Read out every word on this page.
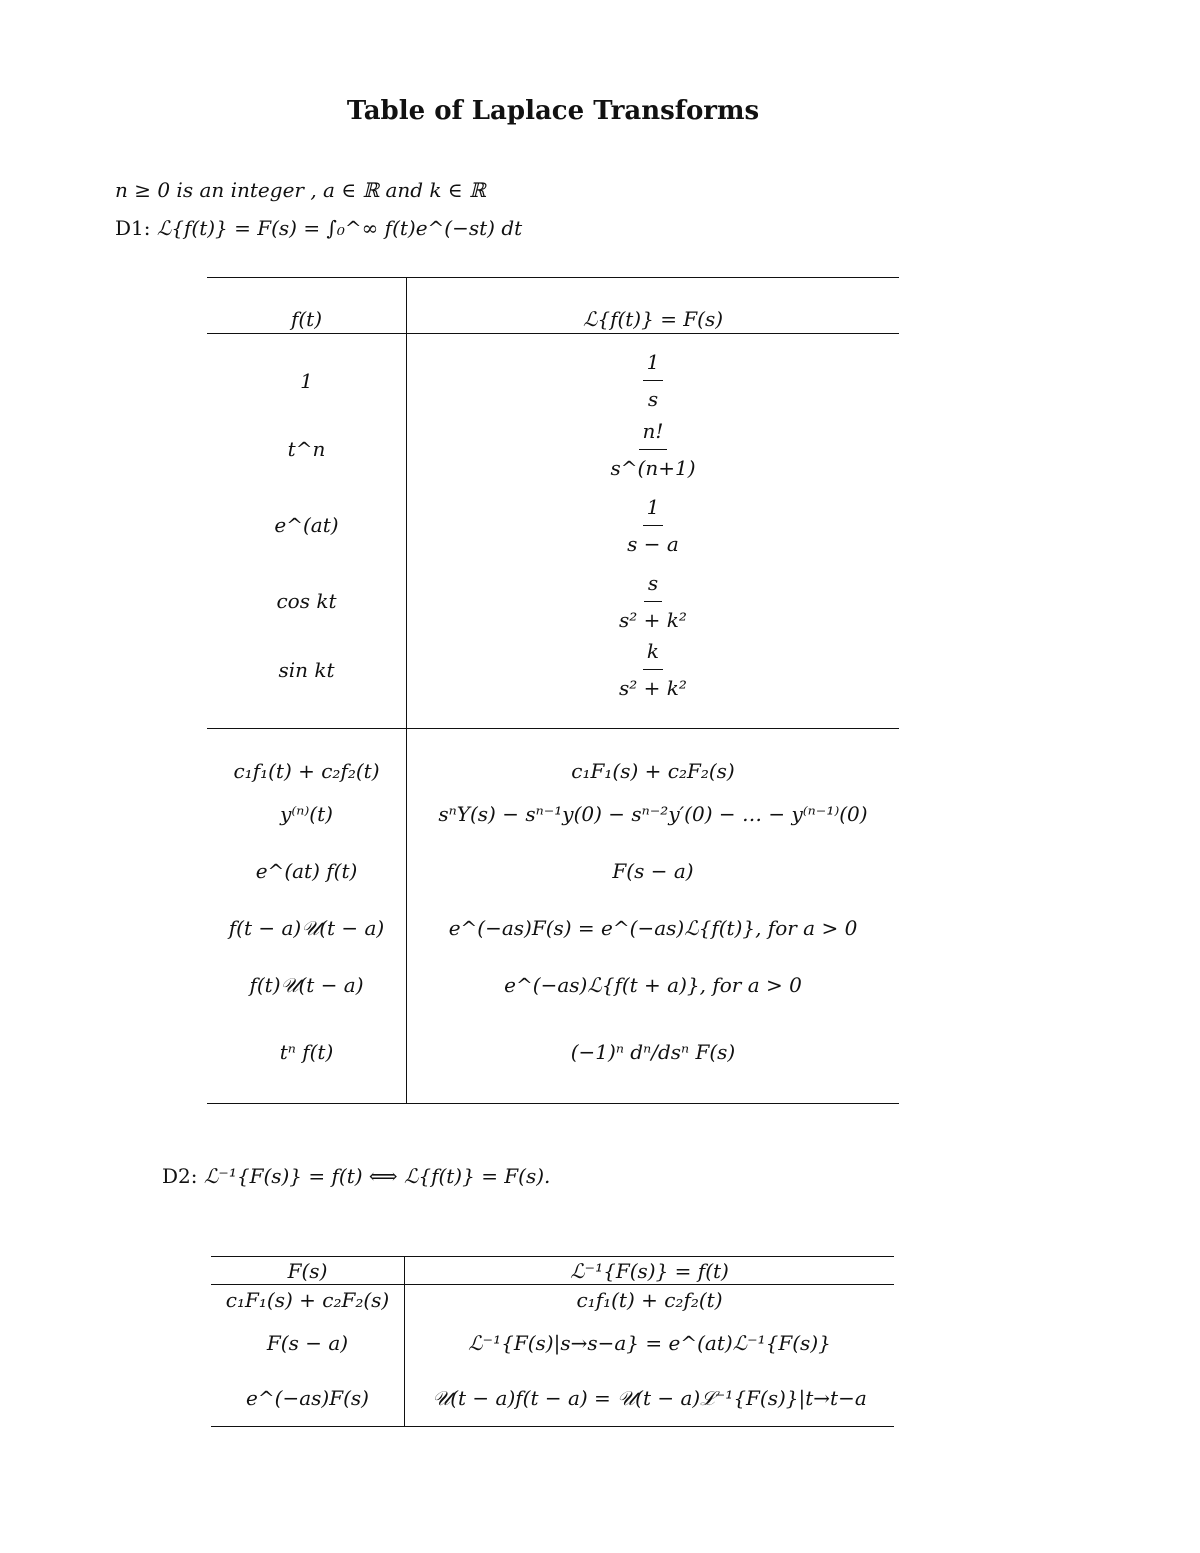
Table of Laplace Transforms
n ≥ 0 is an integer , a ∈ ℝ and k ∈ ℝ
D1: ℒ{f(t)} = F(s) = ∫₀^∞ f(t)e^(−st) dt
f(t)	ℒ{f(t)} = F(s)
1	$\frac{1}{s}$

t^n	$\frac{n!}{s\^{}(n+1)}$

e^(at)	$\frac{1}{s - a}$

cos kt	$\frac{s}{\text{s² + k²}}$

sin kt	$\frac{k}{\text{s² + k²}}$

c₁f₁(t) + c₂f₂(t)	c₁F₁(s) + c₂F₂(s)
y⁽ⁿ⁾(t)	sⁿY(s) − sⁿ⁻¹y(0) − sⁿ⁻²y′(0) − … − y⁽ⁿ⁻¹⁾(0)
e^(at) f(t)	F(s − a)
f(t − a)𝒰(t − a)	e^(−as)F(s) = e^(−as)ℒ{f(t)}, for a > 0
f(t)𝒰(t − a)	e^(−as)ℒ{f(t + a)}, for a > 0
tⁿ f(t)	(−1)ⁿ dⁿ/dsⁿ F(s)
D2: ℒ⁻¹{F(s)} = f(t) ⟺ ℒ{f(t)} = F(s).
F(s)	ℒ⁻¹{F(s)} = f(t)
c₁F₁(s) + c₂F₂(s)	c₁f₁(t) + c₂f₂(t)
F(s − a)	ℒ⁻¹{F(s)|s→s−a} = e^(at)ℒ⁻¹{F(s)}
e^(−as)F(s)	𝒰(t − a)f(t − a) = 𝒰(t − a)ℒ⁻¹{F(s)}|t→t−a
